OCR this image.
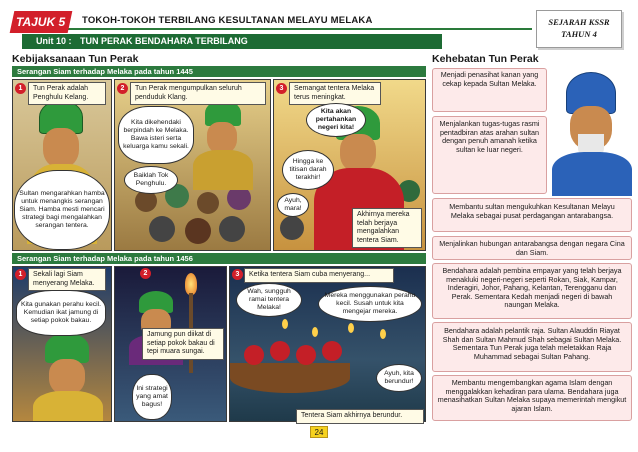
TAJUK 5	TOKOH-TOKOH TERBILANG KESULTANAN MELAYU MELAKA
Unit 10 : TUN PERAK BENDAHARA TERBILANG
SEJARAH KSSR
TAHUN 4
Kebijaksanaan Tun Perak	Kehebatan Tun Perak
Serangan Siam terhadap Melaka pada tahun 1445
1	Tun Perak adalah Penghulu Kelang.
Sultan mengarahkan hamba untuk menangkis serangan Siam. Hamba mesti mencari strategi bagi mengalahkan serangan tentera.
2	Tun Perak mengumpulkan seluruh penduduk Klang.
Kita dikehendaki berpindah ke Melaka. Bawa isteri serta keluarga kamu sekali.
Baiklah Tok Penghulu.
3	Semangat tentera Melaka terus meningkat.
Kita akan pertahankan negeri kita!
Hingga ke titisan darah terakhir!
Ayuh, mara!
Akhirnya mereka telah berjaya mengalahkan tentera Siam.
Serangan Siam terhadap Melaka pada tahun 1456
1	Sekali lagi Siam menyerang Melaka.
Kita gunakan perahu kecil. Kemudian ikat jamung di setiap pokok bakau.
2
Jamung pun diikat di setiap pokok bakau di tepi muara sungai.
Ini strategi yang amat bagus!
3	Ketika tentera Siam cuba menyerang...
Wah, sungguh ramai tentera Melaka!
Mereka menggunakan perahu kecil. Susah untuk kita mengejar mereka.
Ayuh, kita berundur!
Tentera Siam akhirnya berundur.
Menjadi penasihat kanan yang cekap kepada Sultan Melaka.
Menjalankan tugas-tugas rasmi pentadbiran atas arahan sultan dengan penuh amanah ketika sultan ke luar negeri.
Membantu sultan mengukuhkan Kesultanan Melayu Melaka sebagai pusat perdagangan antarabangsa.
Menjalinkan hubungan antarabangsa dengan negara Cina dan Siam.
Bendahara adalah pembina empayar yang telah berjaya menakluki negeri-negeri seperti Rokan, Siak, Kampar, Inderagiri, Johor, Pahang, Kelantan, Terengganu dan Perak. Sementara Kedah menjadi negeri di bawah naungan Melaka.
Bendahara adalah pelantik raja. Sultan Alauddin Riayat Shah dan Sultan Mahmud Shah sebagai Sultan Melaka. Sementara Tun Perak juga telah meletakkan Raja Muhammad sebagai Sultan Pahang.
Membantu mengembangkan agama Islam dengan menggalakkan kehadiran para ulama. Bendahara juga menasihatkan Sultan Melaka supaya memerintah mengikut ajaran Islam.
24
